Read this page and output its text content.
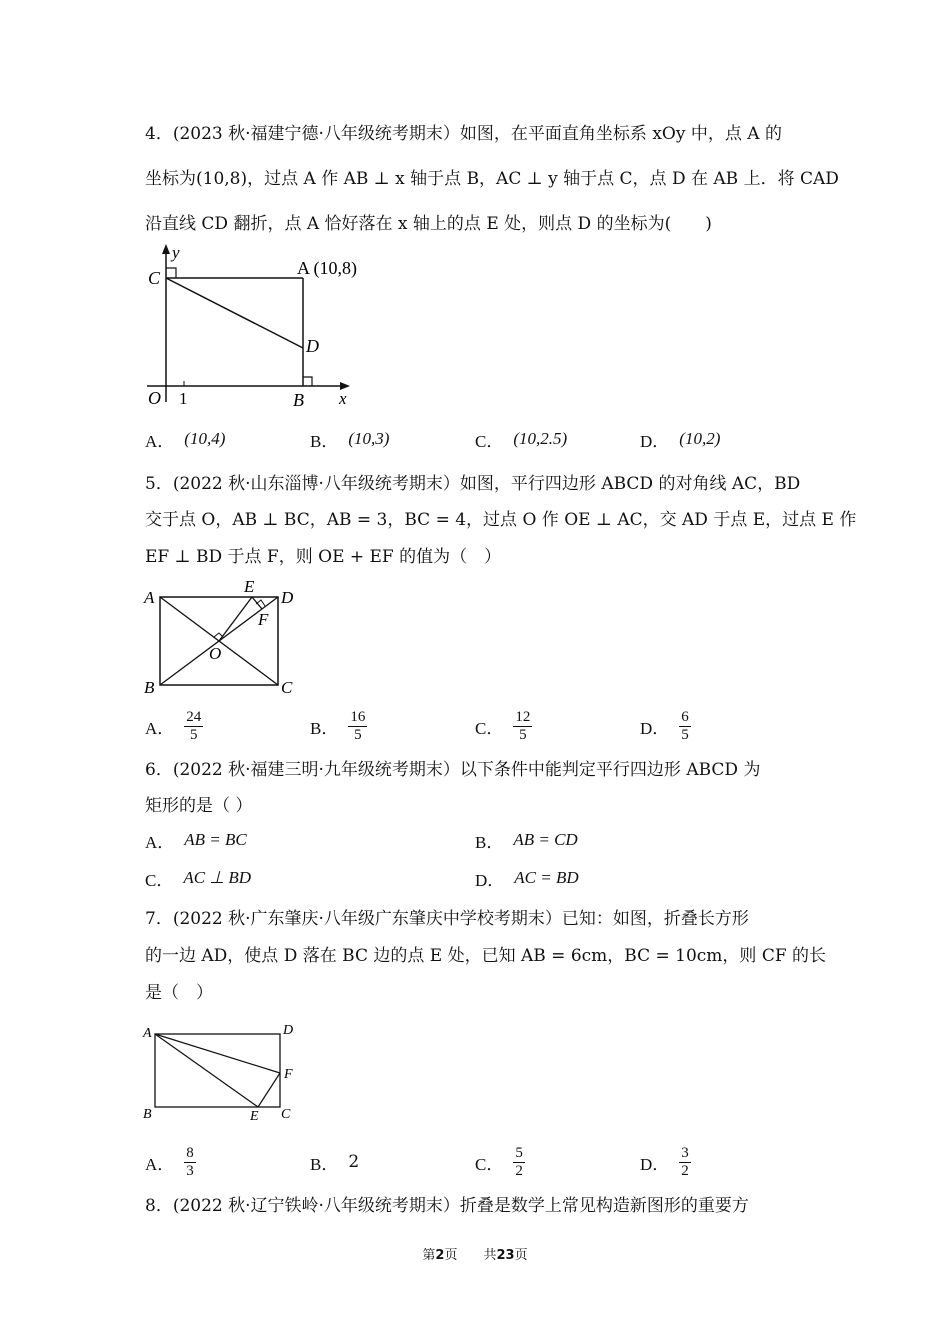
4．(2023 秋·福建宁德·八年级统考期末）如图，在平面直角坐标系 xOy 中，点 A 的
坐标为(10,8)，过点 A 作 AB ⊥ x 轴于点 B，AC ⊥ y 轴于点 C，点 D 在 AB 上．将 CAD
沿直线 CD 翻折，点 A 恰好落在 x 轴上的点 E 处，则点 D 的坐标为(　　)
y
C	A (10,8)
D
O 1	B x
A． (10,4)	B． (10,3)	C． (10,2.5)	D． (10,2)
5．(2022 秋·山东淄博·八年级统考期末）如图，平行四边形 ABCD 的对角线 AC，BD
交于点 O，AB ⊥ BC，AB = 3，BC = 4，过点 O 作 OE ⊥ AC，交 AD 于点 E，过点 E 作
EF ⊥ BD 于点 F，则 OE + EF 的值为（　）
A
E
D
F
O
B	C
A． $\frac{24}{5}$	B． $\frac{16}{5}$	C． $\frac{12}{5}$	D． $\frac{6}{5}$
6．(2022 秋·福建三明·九年级统考期末）以下条件中能判定平行四边形 ABCD 为
矩形的是（ ）
A． AB = BC	B． AB = CD
C． AC ⊥ BD	D． AC = BD
7．(2022 秋·广东肇庆·八年级广东肇庆中学校考期末）已知：如图，折叠长方形
的一边 AD，使点 D 落在 BC 边的点 E 处，已知 AB = 6cm，BC = 10cm，则 CF 的长
是（　）
A	D
F
B	E C
A． $\frac{8}{3}$	B． 2	C． $\frac{5}{2}$	D． $\frac{3}{2}$
8．(2022 秋·辽宁铁岭·八年级统考期末）折叠是数学上常见构造新图形的重要方
第2页　　共23页
